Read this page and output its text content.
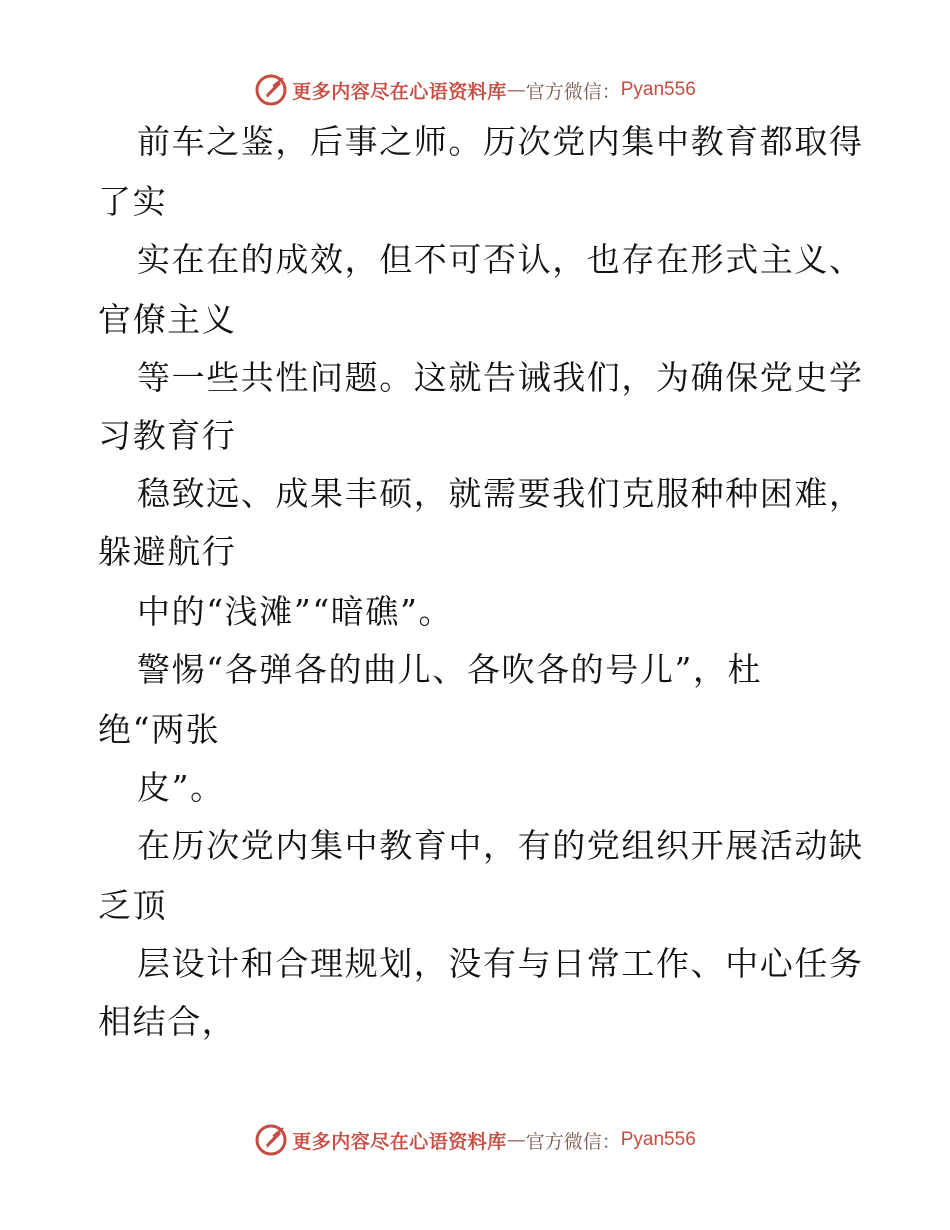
更多内容尽在心语资料库 — 官方微信： Pyan556
前车之鉴，后事之师。历次党内集中教育都取得
了实
实在在的成效，但不可否认，也存在形式主义、
官僚主义
等一些共性问题。这就告诫我们，为确保党史学
习教育行
稳致远、成果丰硕，就需要我们克服种种困难，
躲避航行
中的“浅滩”“暗礁”。
警惕“各弹各的曲儿、各吹各的号儿”，杜
绝“两张
皮”。
在历次党内集中教育中，有的党组织开展活动缺
乏顶
层设计和合理规划，没有与日常工作、中心任务
相结合，
更多内容尽在心语资料库 — 官方微信： Pyan556
